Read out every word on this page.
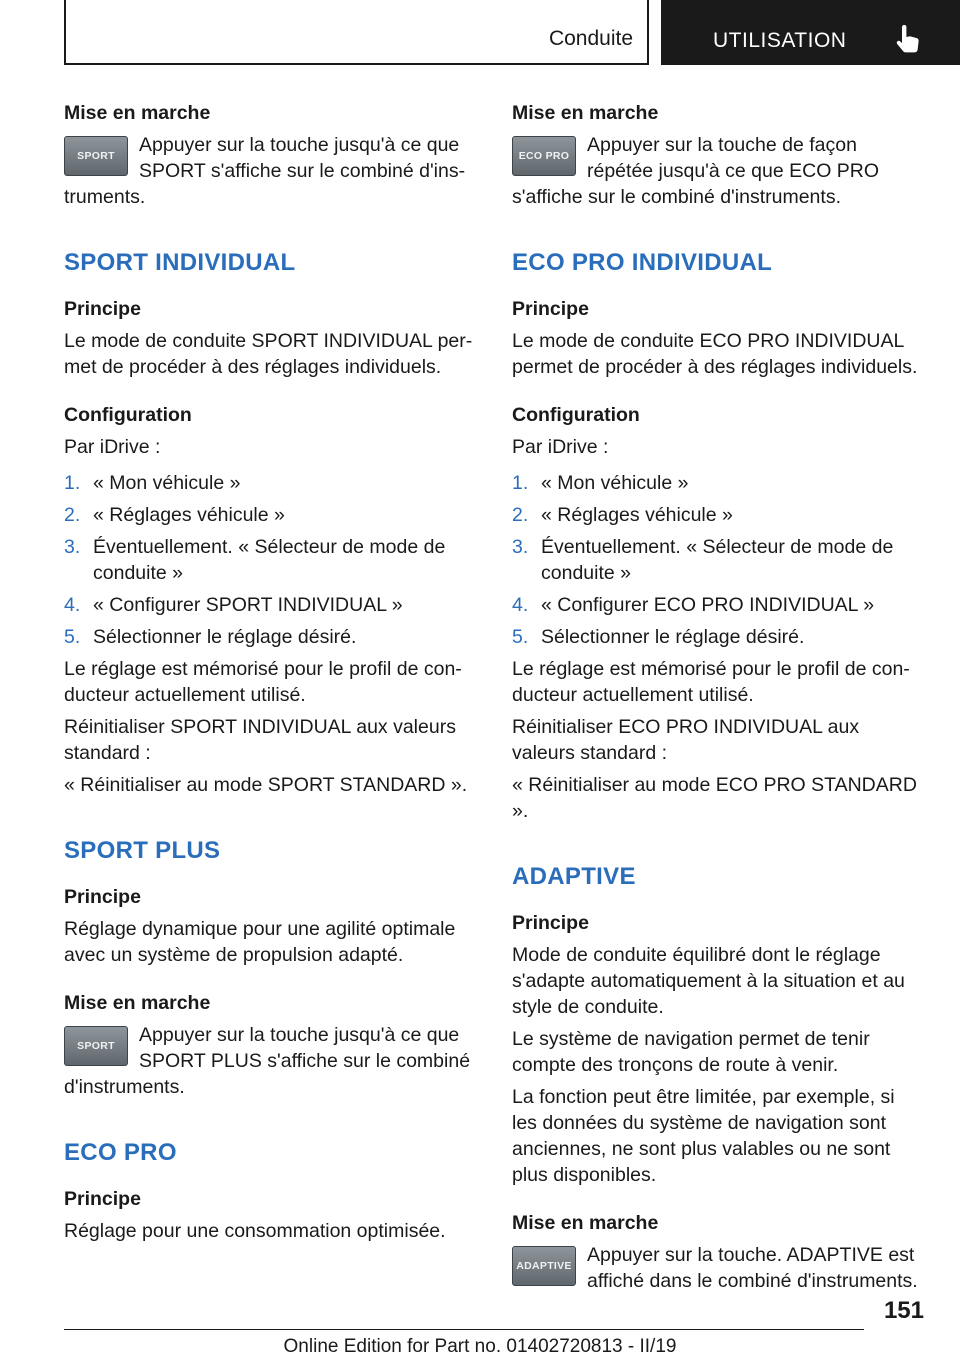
Conduite	UTILISATION
Mise en marche
SPORT	Appuyer sur la touche jusqu'à ce que SPORT s'affiche sur le combiné d'instruments.
SPORT INDIVIDUAL
Principe

Le mode de conduite SPORT INDIVIDUAL permet de procéder à des réglages individuels.

Configuration

Par iDrive :

1. « Mon véhicule »
2. « Réglages véhicule »
3. Éventuellement. « Sélecteur de mode de conduite »
4. « Configurer SPORT INDIVIDUAL »
5. Sélectionner le réglage désiré.

Le réglage est mémorisé pour le profil de conducteur actuellement utilisé.

Réinitialiser SPORT INDIVIDUAL aux valeurs standard :

« Réinitialiser au mode SPORT STANDARD ».

SPORT PLUS
Principe

Réglage dynamique pour une agilité optimale avec un système de propulsion adapté.

Mise en marche
SPORT	Appuyer sur la touche jusqu'à ce que SPORT PLUS s'affiche sur le combiné d'instruments.
ECO PRO
Principe

Réglage pour une consommation optimisée.

Mise en marche
ECO PRO Appuyer sur la touche de façon répétée jusqu'à ce que ECO PRO s'affiche sur le combiné d'instruments.
ECO PRO INDIVIDUAL
Principe

Le mode de conduite ECO PRO INDIVIDUAL permet de procéder à des réglages individuels.

Configuration

Par iDrive :

1. « Mon véhicule »
2. « Réglages véhicule »
3. Éventuellement. « Sélecteur de mode de conduite »
4. « Configurer ECO PRO INDIVIDUAL »
5. Sélectionner le réglage désiré.

Le réglage est mémorisé pour le profil de conducteur actuellement utilisé.

Réinitialiser ECO PRO INDIVIDUAL aux valeurs standard :

« Réinitialiser au mode ECO PRO STANDARD ».

ADAPTIVE
Principe

Mode de conduite équilibré dont le réglage s'adapte automatiquement à la situation et au style de conduite.

Le système de navigation permet de tenir compte des tronçons de route à venir.

La fonction peut être limitée, par exemple, si les données du système de navigation sont anciennes, ne sont plus valables ou ne sont plus disponibles.

Mise en marche
ADAPTIVE Appuyer sur la touche. ADAPTIVE est affiché dans le combiné d'instruments.
151
Online Edition for Part no. 01402720813 - II/19
